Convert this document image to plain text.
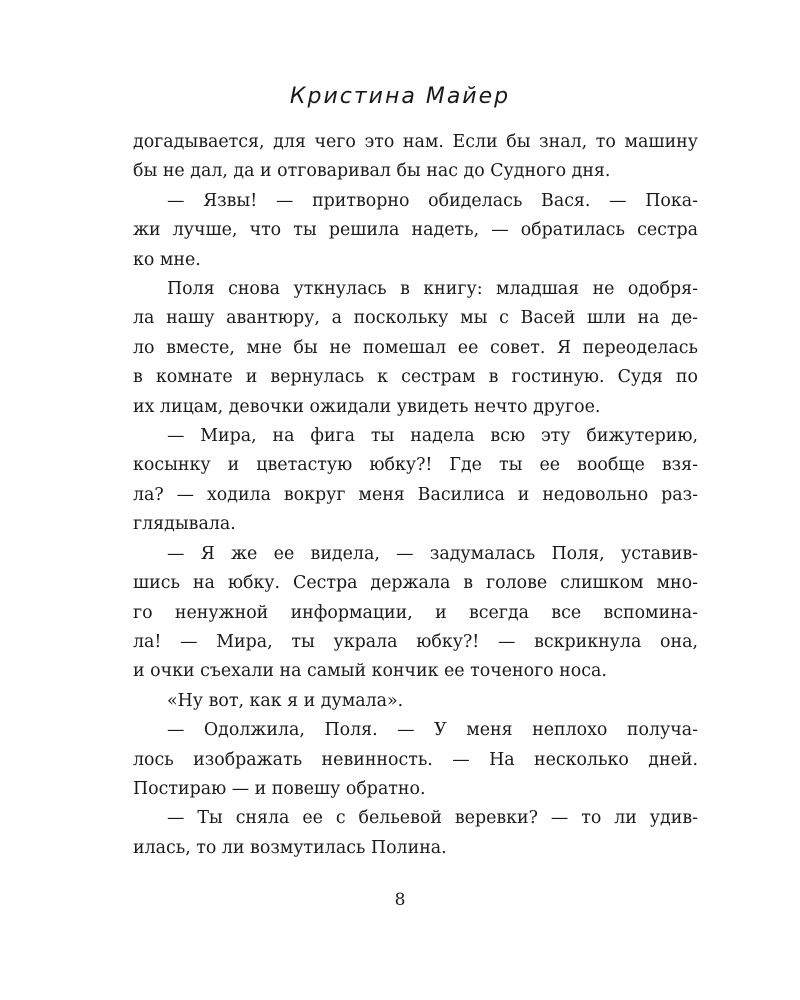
Кристина Майер
догадывается, для чего это нам. Если бы знал, то машину
бы не дал, да и отговаривал бы нас до Судного дня.
— Язвы! — притворно обиделась Вася. — Пока-
жи лучше, что ты решила надеть, — обратилась сестра
ко мне.
Поля снова уткнулась в книгу: младшая не одобря-
ла нашу авантюру, а поскольку мы с Васей шли на де-
ло вместе, мне бы не помешал ее совет. Я переоделась
в комнате и вернулась к сестрам в гостиную. Судя по
их лицам, девочки ожидали увидеть нечто другое.
— Мира, на фига ты надела всю эту бижутерию,
косынку и цветастую юбку?! Где ты ее вообще взя-
ла? — ходила вокруг меня Василиса и недовольно раз-
глядывала.
— Я же ее видела, — задумалась Поля, уставив-
шись на юбку. Сестра держала в голове слишком мно-
го ненужной информации, и всегда все вспомина-
ла! — Мира, ты украла юбку?! — вскрикнула она,
и очки съехали на самый кончик ее точеного носа.
«Ну вот, как я и думала».
— Одолжила, Поля. — У меня неплохо получа-
лось изображать невинность. — На несколько дней.
Постираю — и повешу обратно.
— Ты сняла ее с бельевой веревки? — то ли удив-
илась, то ли возмутилась Полина.
8
